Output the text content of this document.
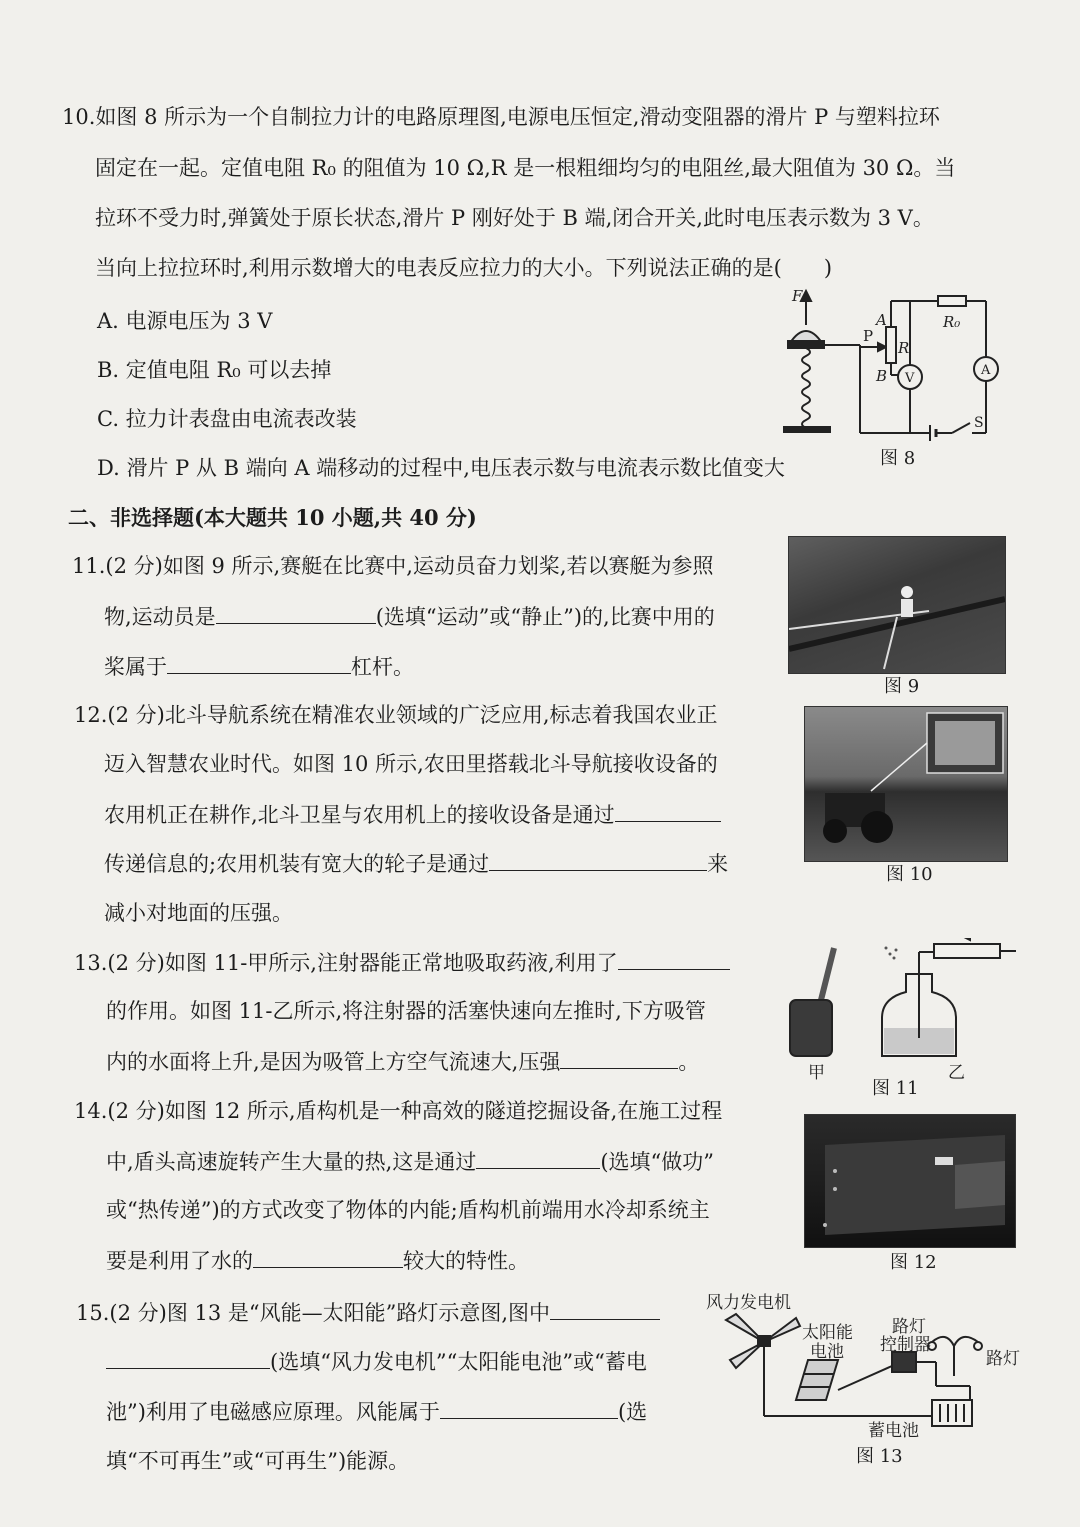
10.如图 8 所示为一个自制拉力计的电路原理图,电源电压恒定,滑动变阻器的滑片 P 与塑料拉环
固定在一起。定值电阻 R₀ 的阻值为 10 Ω,R 是一根粗细均匀的电阻丝,最大阻值为 30 Ω。当
拉环不受力时,弹簧处于原长状态,滑片 P 刚好处于 B 端,闭合开关,此时电压表示数为 3 V。
当向上拉拉环时,利用示数增大的电表反应拉力的大小。下列说法正确的是(　　)
A. 电源电压为 3 V
B. 定值电阻 R₀ 可以去掉
C. 拉力计表盘由电流表改装
D. 滑片 P 从 B 端向 A 端移动的过程中,电压表示数与电流表示数比值变大
F
P
A
B
R
R₀
V
A
S
图 8
二、非选择题(本大题共 10 小题,共 40 分)
11.(2 分)如图 9 所示,赛艇在比赛中,运动员奋力划桨,若以赛艇为参照
物,运动员是	(选填“运动”或“静止”)的,比赛中用的
桨属于	杠杆。
图 9
12.(2 分)北斗导航系统在精准农业领域的广泛应用,标志着我国农业正
迈入智慧农业时代。如图 10 所示,农田里搭载北斗导航接收设备的
农用机正在耕作,北斗卫星与农用机上的接收设备是通过
传递信息的;农用机装有宽大的轮子是通过	来
减小对地面的压强。
图 10
13.(2 分)如图 11-甲所示,注射器能正常地吸取药液,利用了
的作用。如图 11-乙所示,将注射器的活塞快速向左推时,下方吸管
内的水面将上升,是因为吸管上方空气流速大,压强	。	甲	乙
图 11
14.(2 分)如图 12 所示,盾构机是一种高效的隧道挖掘设备,在施工过程
中,盾头高速旋转产生大量的热,这是通过	(选填“做功”
或“热传递”)的方式改变了物体的内能;盾构机前端用水冷却系统主
要是利用了水的	较大的特性。	图 12
15.(2 分)图 13 是“风能—太阳能”路灯示意图,图中
(选填“风力发电机”“太阳能电池”或“蓄电
池”)利用了电磁感应原理。风能属于	(选
填“不可再生”或“可再生”)能源。
风力发电机
太阳能
电池
路灯
控制器
路灯
蓄电池
图 13
